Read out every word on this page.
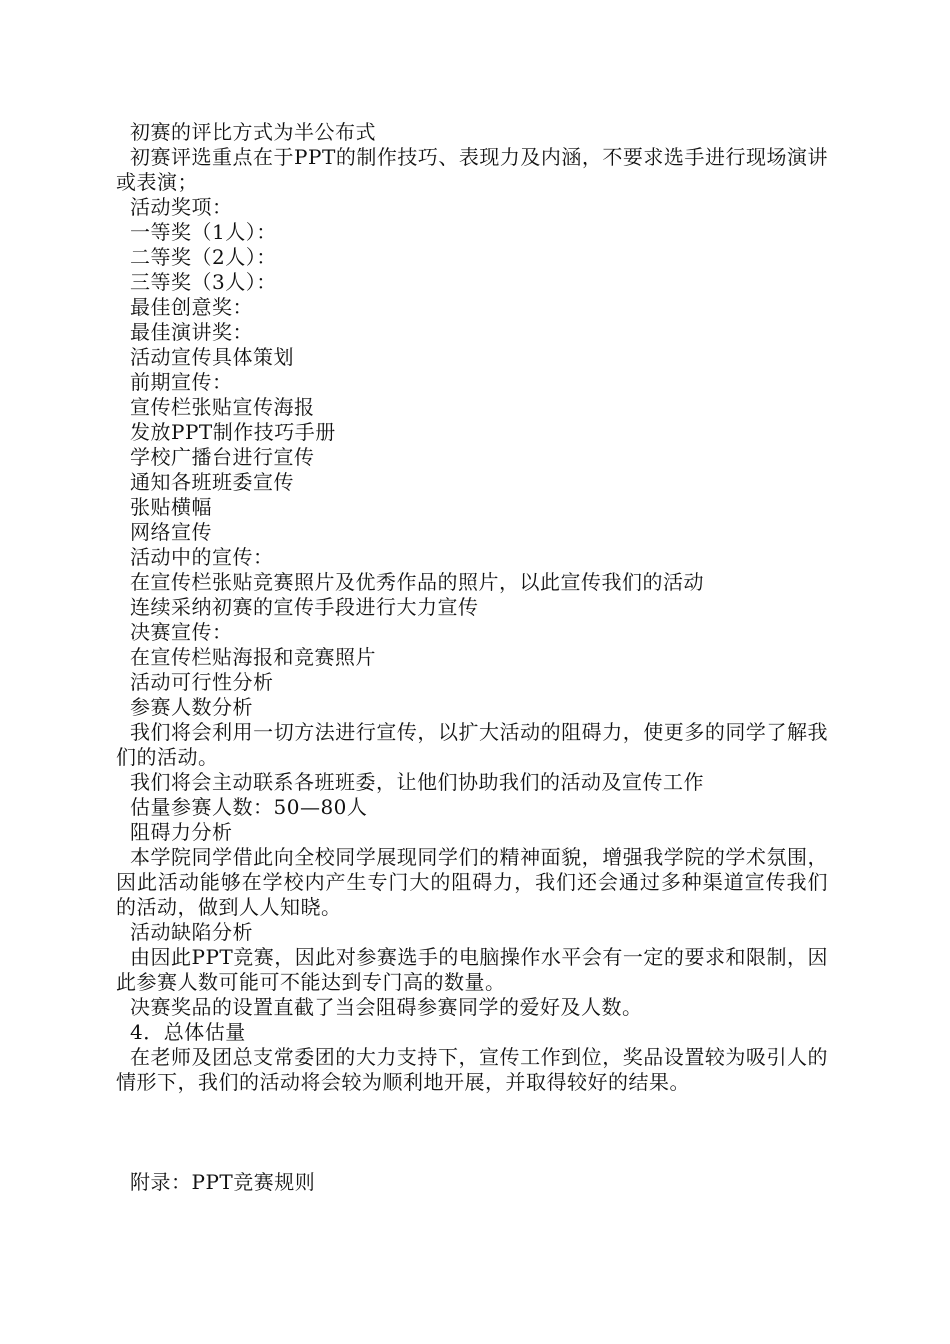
初赛的评比方式为半公布式

初赛评选重点在于PPT的制作技巧、表现力及内涵，不要求选手进行现场演讲或表演；

活动奖项：

一等奖（1人）：

二等奖（2人）：

三等奖（3人）：

最佳创意奖：

最佳演讲奖：

活动宣传具体策划

前期宣传：

宣传栏张贴宣传海报

发放PPT制作技巧手册

学校广播台进行宣传

通知各班班委宣传

张贴横幅

网络宣传

活动中的宣传：

在宣传栏张贴竞赛照片及优秀作品的照片，以此宣传我们的活动

连续采纳初赛的宣传手段进行大力宣传

决赛宣传：

在宣传栏贴海报和竞赛照片

活动可行性分析

参赛人数分析

我们将会利用一切方法进行宣传，以扩大活动的阻碍力，使更多的同学了解我们的活动。

我们将会主动联系各班班委，让他们协助我们的活动及宣传工作

估量参赛人数：50—80人

阻碍力分析

本学院同学借此向全校同学展现同学们的精神面貌，增强我学院的学术氛围，因此活动能够在学校内产生专门大的阻碍力，我们还会通过多种渠道宣传我们的活动，做到人人知晓。

活动缺陷分析

由因此PPT竞赛，因此对参赛选手的电脑操作水平会有一定的要求和限制，因此参赛人数可能可不能达到专门高的数量。

决赛奖品的设置直截了当会阻碍参赛同学的爱好及人数。

4．总体估量

在老师及团总支常委团的大力支持下，宣传工作到位，奖品设置较为吸引人的情形下，我们的活动将会较为顺利地开展，并取得较好的结果。

附录：PPT竞赛规则
